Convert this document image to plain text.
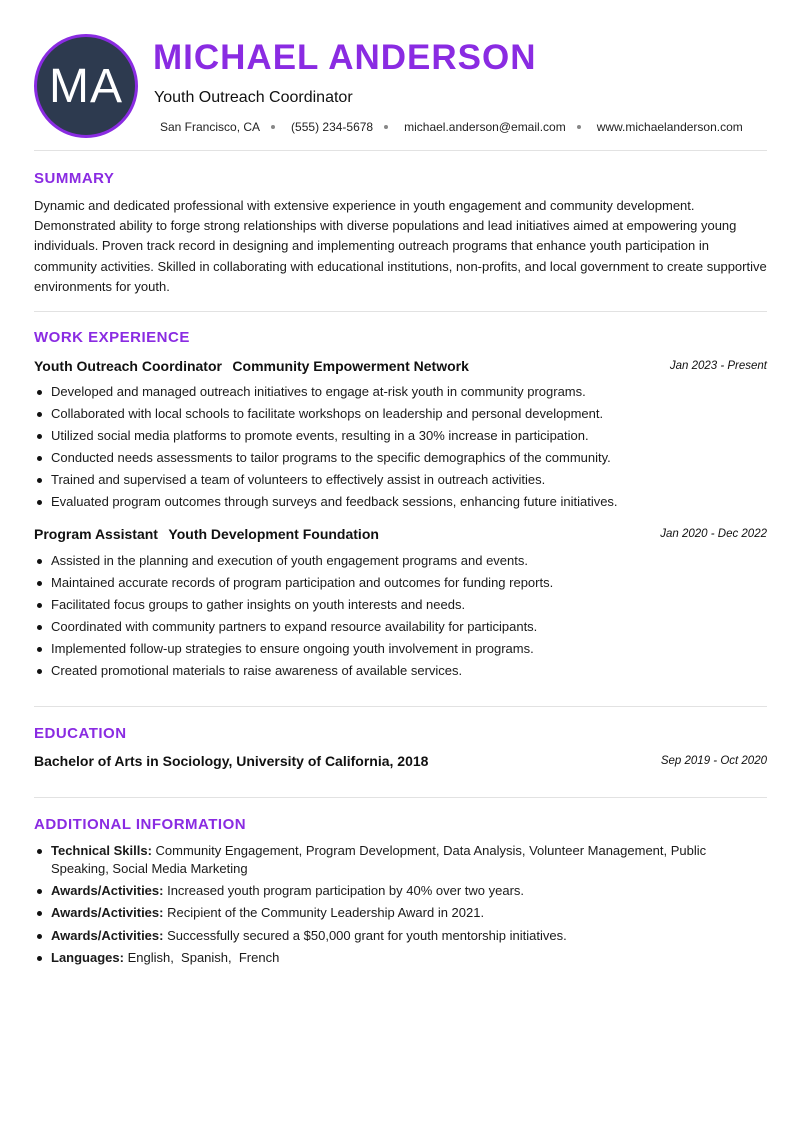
MA
MICHAEL ANDERSON
Youth Outreach Coordinator
San Francisco, CA	(555) 234-5678	michael.anderson@email.com	www.michaelanderson.com
SUMMARY
Dynamic and dedicated professional with extensive experience in youth engagement and community development. Demonstrated ability to forge strong relationships with diverse populations and lead initiatives aimed at empowering young individuals. Proven track record in designing and implementing outreach programs that enhance youth participation in community activities. Skilled in collaborating with educational institutions, non-profits, and local government to create supportive environments for youth.
WORK EXPERIENCE
Youth Outreach Coordinator Community Empowerment Network	Jan 2023 - Present
Developed and managed outreach initiatives to engage at-risk youth in community programs.
Collaborated with local schools to facilitate workshops on leadership and personal development.
Utilized social media platforms to promote events, resulting in a 30% increase in participation.
Conducted needs assessments to tailor programs to the specific demographics of the community.
Trained and supervised a team of volunteers to effectively assist in outreach activities.
Evaluated program outcomes through surveys and feedback sessions, enhancing future initiatives.
Program Assistant Youth Development Foundation	Jan 2020 - Dec 2022
Assisted in the planning and execution of youth engagement programs and events.
Maintained accurate records of program participation and outcomes for funding reports.
Facilitated focus groups to gather insights on youth interests and needs.
Coordinated with community partners to expand resource availability for participants.
Implemented follow-up strategies to ensure ongoing youth involvement in programs.
Created promotional materials to raise awareness of available services.
EDUCATION
Bachelor of Arts in Sociology, University of California, 2018	Sep 2019 - Oct 2020
ADDITIONAL INFORMATION
Technical Skills: Community Engagement, Program Development, Data Analysis, Volunteer Management, Public Speaking, Social Media Marketing
Awards/Activities: Increased youth program participation by 40% over two years.
Awards/Activities: Recipient of the Community Leadership Award in 2021.
Awards/Activities: Successfully secured a $50,000 grant for youth mentorship initiatives.
Languages: English,  Spanish,  French
